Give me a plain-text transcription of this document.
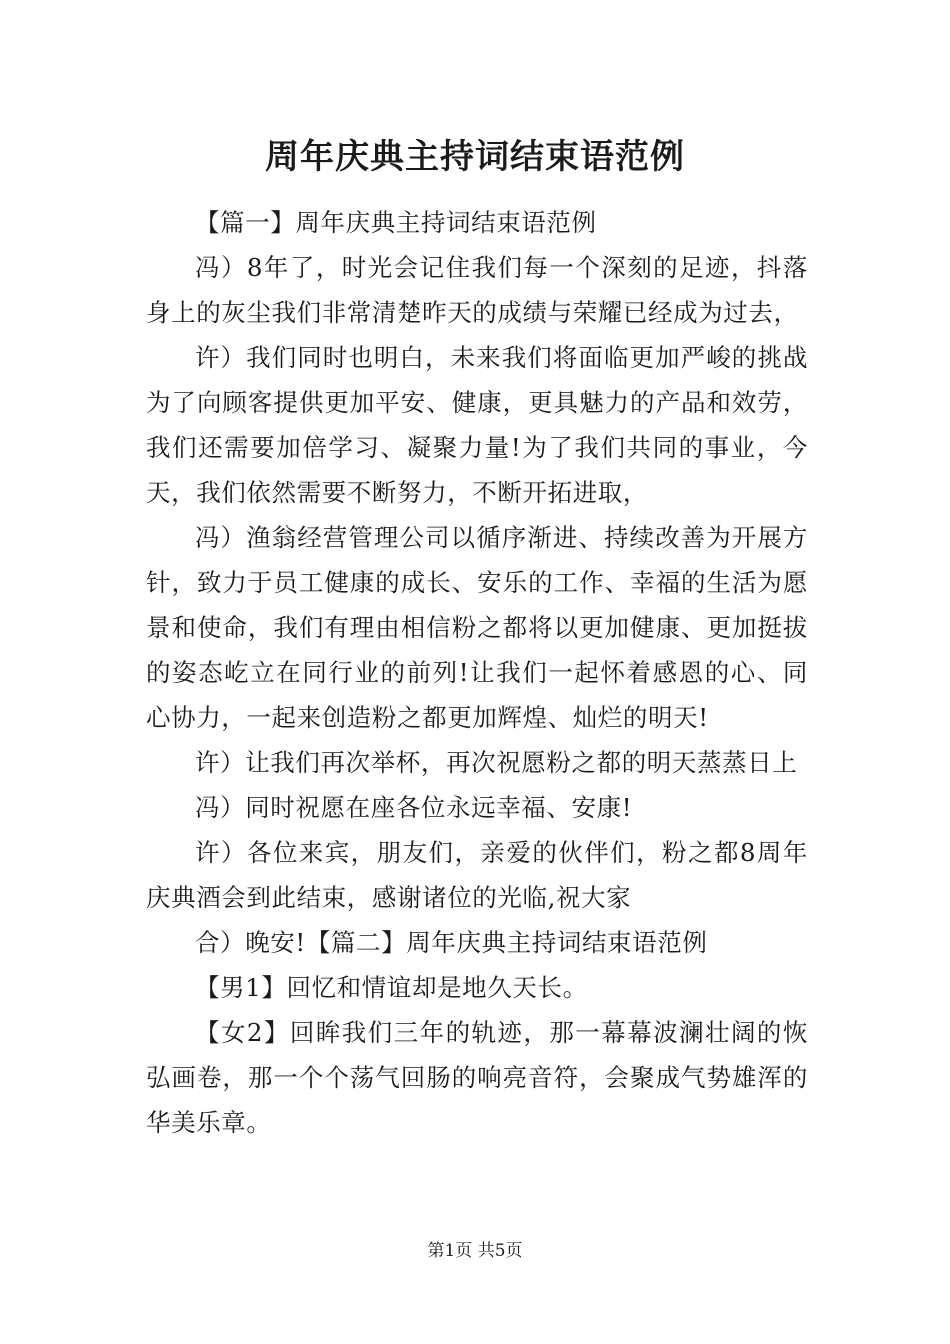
周年庆典主持词结束语范例

【篇一】周年庆典主持词结束语范例

冯）8年了，时光会记住我们每一个深刻的足迹，抖落身上的灰尘我们非常清楚昨天的成绩与荣耀已经成为过去，

许）我们同时也明白，未来我们将面临更加严峻的挑战为了向顾客提供更加平安、健康，更具魅力的产品和效劳，我们还需要加倍学习、凝聚力量!为了我们共同的事业，今天，我们依然需要不断努力，不断开拓进取，

冯）渔翁经营管理公司以循序渐进、持续改善为开展方针，致力于员工健康的成长、安乐的工作、幸福的生活为愿景和使命，我们有理由相信粉之都将以更加健康、更加挺拔的姿态屹立在同行业的前列!让我们一起怀着感恩的心、同心协力，一起来创造粉之都更加辉煌、灿烂的明天!

许）让我们再次举杯，再次祝愿粉之都的明天蒸蒸日上

冯）同时祝愿在座各位永远幸福、安康!

许）各位来宾，朋友们，亲爱的伙伴们，粉之都8周年庆典酒会到此结束，感谢诸位的光临,祝大家

合）晚安!【篇二】周年庆典主持词结束语范例

【男1】回忆和情谊却是地久天长。

【女2】回眸我们三年的轨迹，那一幕幕波澜壮阔的恢弘画卷，那一个个荡气回肠的响亮音符，会聚成气势雄浑的华美乐章。

第1页 共5页
